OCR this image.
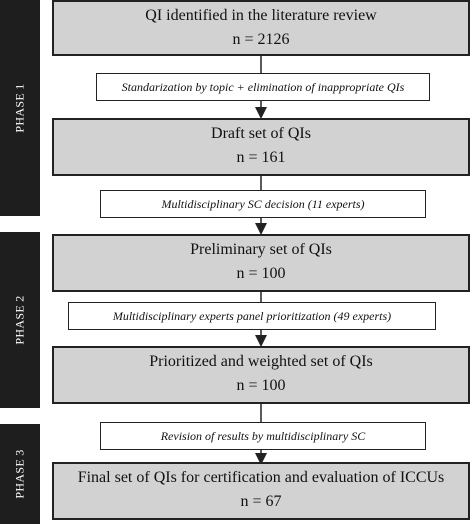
PHASE 1
PHASE 2
PHASE 3
QI identified in the literature review
n = 2126
Draft set of QIs
n = 161
Preliminary set of QIs
n = 100
Prioritized and weighted set of QIs
n = 100
Final set of QIs for certification and evaluation of ICCUs
n = 67
Standarization by topic + elimination of inappropriate QIs
Multidisciplinary SC decision (11 experts)
Multidisciplinary experts panel prioritization (49 experts)
Revision of results by multidisciplinary SC
